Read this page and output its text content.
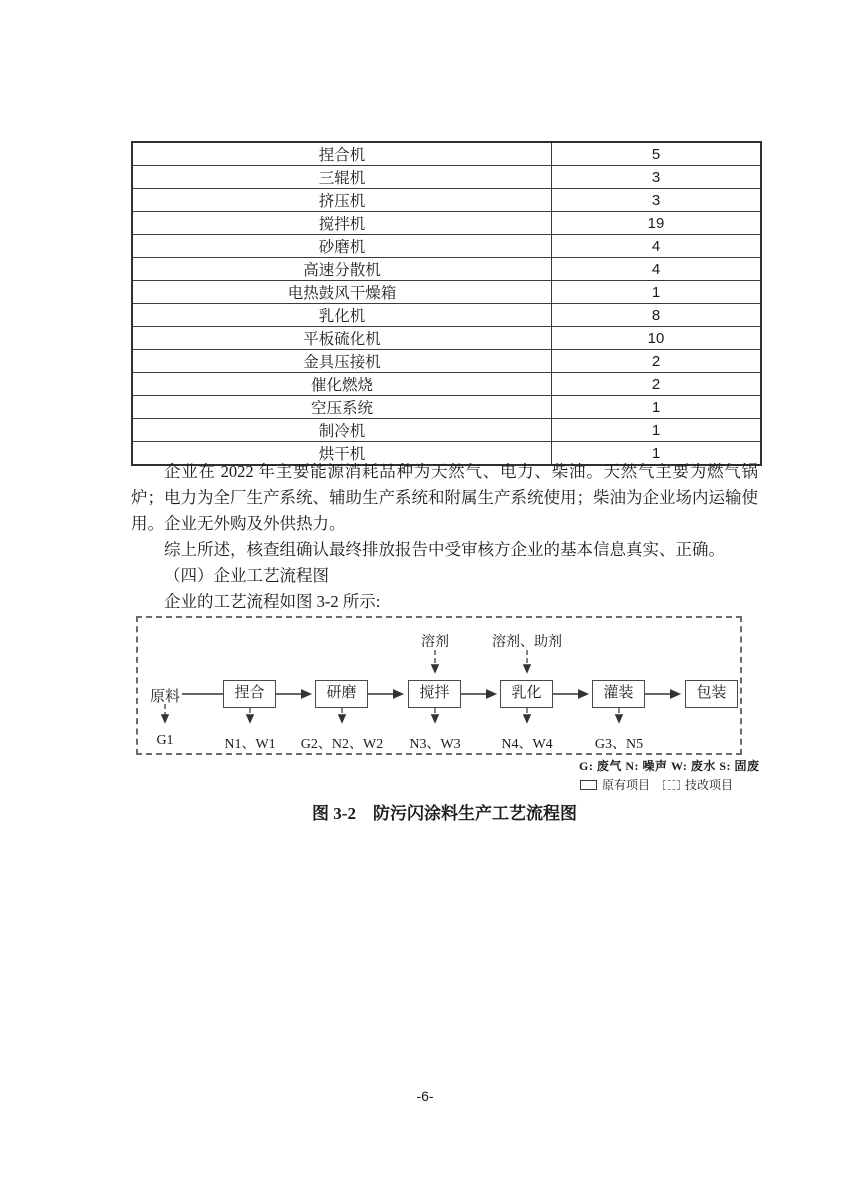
捏合机	5
三辊机	3
挤压机	3
搅拌机	19
砂磨机	4
高速分散机	4
电热鼓风干燥箱	1
乳化机	8
平板硫化机	10
金具压接机	2
催化燃烧	2
空压系统	1
制冷机	1
烘干机	1

企业在 2022 年主要能源消耗品种为天然气、电力、柴油。天然气主要为燃气锅炉；电力为全厂生产系统、辅助生产系统和附属生产系统使用；柴油为企业场内运输使用。企业无外购及外供热力。

综上所述，核查组确认最终排放报告中受审核方企业的基本信息真实、正确。

（四）企业工艺流程图

企业的工艺流程如图 3-2 所示:

原料	捏合	研磨	搅拌	乳化	灌装	包装
溶剂	溶剂、助剂
G1	N1、W1 G2、N2、W2 N3、W3	N4、W4	G3、N5
G: 废气 N: 噪声 W: 废水 S: 固废
原有项目	技改项目
图 3-2　防污闪涂料生产工艺流程图
-6-
